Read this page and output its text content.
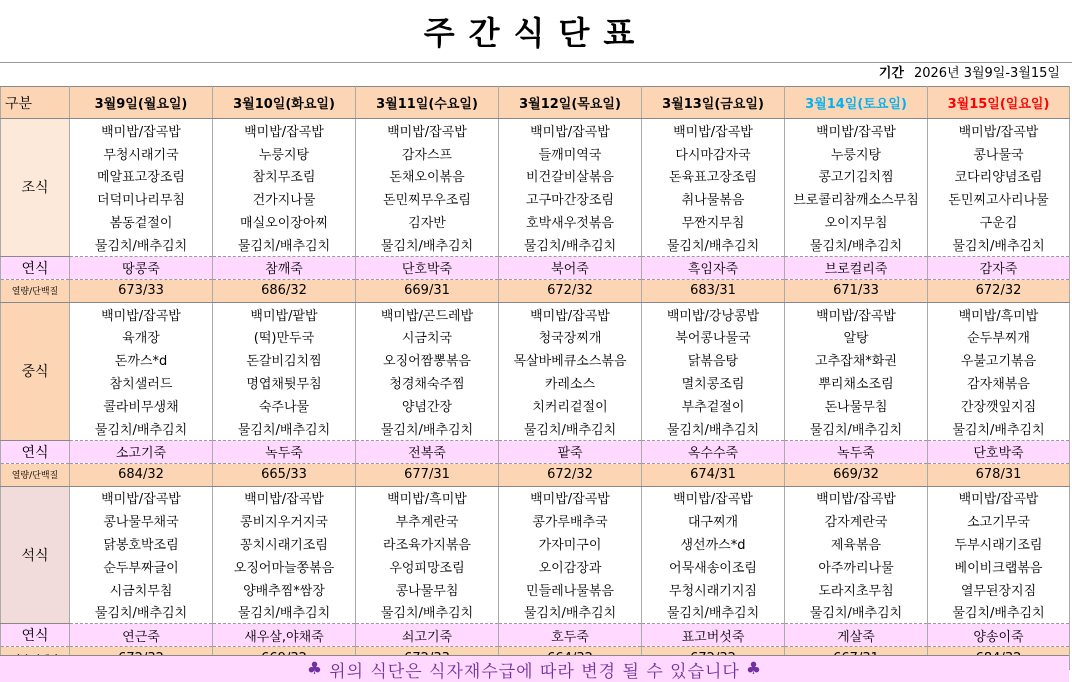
주간식단표
기간 2026년 3월9일-3월15일
구분	3월9일(월요일)	3월10일(화요일)	3월11일(수요일)	3월12일(목요일)	3월13일(금요일)	3월14일(토요일)	3월15일(일요일)
조식	백미밥/잡곡밥	백미밥/잡곡밥	백미밥/잡곡밥	백미밥/잡곡밥	백미밥/잡곡밥	백미밥/잡곡밥	백미밥/잡곡밥
	무청시래기국	누룽지탕	감자스프	들깨미역국	다시마감자국	누룽지탕	콩나물국
	메알표고장조림	참치무조림	돈채오이볶음	비건갈비살볶음	돈육표고장조림	콩고기김치찜	코다리양념조림
	더덕미나리무침	건가지나물	돈민찌무우조림	고구마간장조림	취나물볶음	브로콜리참깨소스무침	돈민찌고사리나물
	봄동겉절이	매실오이장아찌	김자반	호박새우젓볶음	무짠지무침	오이지무침	구운김
	물김치/배추김치	물김치/배추김치	물김치/배추김치	물김치/배추김치	물김치/배추김치	물김치/배추김치	물김치/배추김치
연식	땅콩죽	참깨죽	단호박죽	북어죽	흑임자죽	브로컬리죽	감자죽
열량/단백질	673/33	686/32	669/31	672/32	683/31	671/33	672/32
중식	백미밥/잡곡밥	백미밥/팥밥	백미밥/곤드레밥	백미밥/잡곡밥	백미밥/강낭콩밥	백미밥/잡곡밥	백미밥/흑미밥
	육개장	(떡)만두국	시금치국	청국장찌개	북어콩나물국	알탕	순두부찌개
	돈까스*d	돈갈비김치찜	오징어짬뽕볶음	목살바베큐소스볶음	닭볶음탕	고추잡채*화권	우불고기볶음
	참치샐러드	명엽채튓무침	청경채숙주찜	카레소스	멸치콩조림	뿌리채소조림	감자채볶음
	콜라비무생채	숙주나물	양념간장	치커리겉절이	부추겉절이	돈나물무침	간장깻잎지짐
	물김치/배추김치	물김치/배추김치	물김치/배추김치	물김치/배추김치	물김치/배추김치	물김치/배추김치	물김치/배추김치
연식	소고기죽	녹두죽	전복죽	팥죽	옥수수죽	녹두죽	단호박죽
열량/단백질	684/32	665/33	677/31	672/32	674/31	669/32	678/31
석식	백미밥/잡곡밥	백미밥/잡곡밥	백미밥/흑미밥	백미밥/잡곡밥	백미밥/잡곡밥	백미밥/잡곡밥	백미밥/잡곡밥
	콩나물무채국	콩비지우거지국	부추계란국	콩가루배추국	대구찌개	감자계란국	소고기무국
	닭봉호박조림	꽁치시래기조림	라조육가지볶음	가자미구이	생선까스*d	제육볶음	두부시래기조림
	순두부짜글이	오징어마늘쫑볶음	우엉피망조림	오이감장과	어묵새송이조림	아주까리나물	베이비크랩볶음
	시금치무침	양배추찜*쌈장	콩나물무침	민들레나물볶음	무청시래기지짐	도라지초무침	열무된장지짐
	물김치/배추김치	물김치/배추김치	물김치/배추김치	물김치/배추김치	물김치/배추김치	물김치/배추김치	물김치/배추김치
연식	연근죽	새우살,야채죽	쇠고기죽	호두죽	표고버섯죽	게살죽	양송이죽

♣ 위의 식단은 식자재수급에 따라 변경 될 수 있습니다 ♣
